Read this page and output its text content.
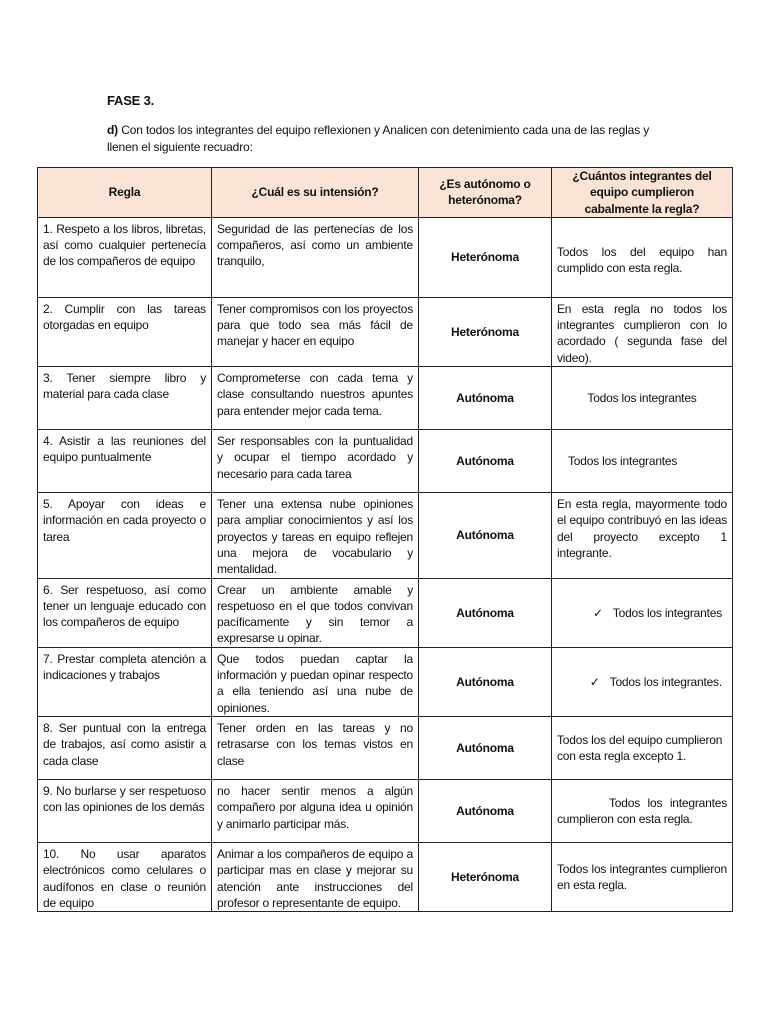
FASE 3.
d) Con todos los integrantes del equipo reflexionen y Analicen con detenimiento cada una de las reglas y llenen el siguiente recuadro:
Regla	¿Cuál es su intensión?	¿Es autónomo o heterónoma?	¿Cuántos integrantes del equipo cumplieron cabalmente la regla?
1. Respeto a los libros, libretas, así como cualquier pertenecía de los compañeros de equipo	Seguridad de las pertenecías de los compañeros, así como un ambiente tranquilo,	Heterónoma	Todos los del equipo han cumplido con esta regla.
2. Cumplir con las tareas otorgadas en equipo	Tener compromisos con los proyectos para que todo sea más fácil de manejar y hacer en equipo	Heterónoma	En esta regla no todos los integrantes cumplieron con lo acordado ( segunda fase del video).
3. Tener siempre libro y material para cada clase	Comprometerse con cada tema y clase consultando nuestros apuntes para entender mejor cada tema.	Autónoma	Todos los integrantes
4. Asistir a las reuniones del equipo puntualmente	Ser responsables con la puntualidad y ocupar el tiempo acordado y necesario para cada tarea	Autónoma	Todos los integrantes
5. Apoyar con ideas e información en cada proyecto o tarea	Tener una extensa nube opiniones para ampliar conocimientos y así los proyectos y tareas en equipo reflejen una mejora de vocabulario y mentalidad.	Autónoma	En esta regla, mayormente todo el equipo contribuyó en las ideas del proyecto excepto 1 integrante.
6. Ser respetuoso, así como tener un lenguaje educado con los compañeros de equipo	Crear un ambiente amable y respetuoso en el que todos convivan pacíficamente y sin temor a expresarse u opinar.	Autónoma	✓ Todos los integrantes
7. Prestar completa atención a indicaciones y trabajos	Que todos puedan captar la información y puedan opinar respecto a ella teniendo así una nube de opiniones.	Autónoma	✓ Todos los integrantes.
8. Ser puntual con la entrega de trabajos, así como asistir a cada clase	Tener orden en las tareas y no retrasarse con los temas vistos en clase	Autónoma	Todos los del equipo cumplieron con esta regla excepto 1.
9. No burlarse y ser respetuoso con las opiniones de los demás	no hacer sentir menos a algún compañero por alguna idea u opinión y animarlo participar más.	Autónoma	Todos los integrantes cumplieron con esta regla.
10. No usar aparatos electrónicos como celulares o audífonos en clase o reunión de equipo	Animar a los compañeros de equipo a participar mas en clase y mejorar su atención ante instrucciones del profesor o representante de equipo.	Heterónoma	Todos los integrantes cumplieron en esta regla.
